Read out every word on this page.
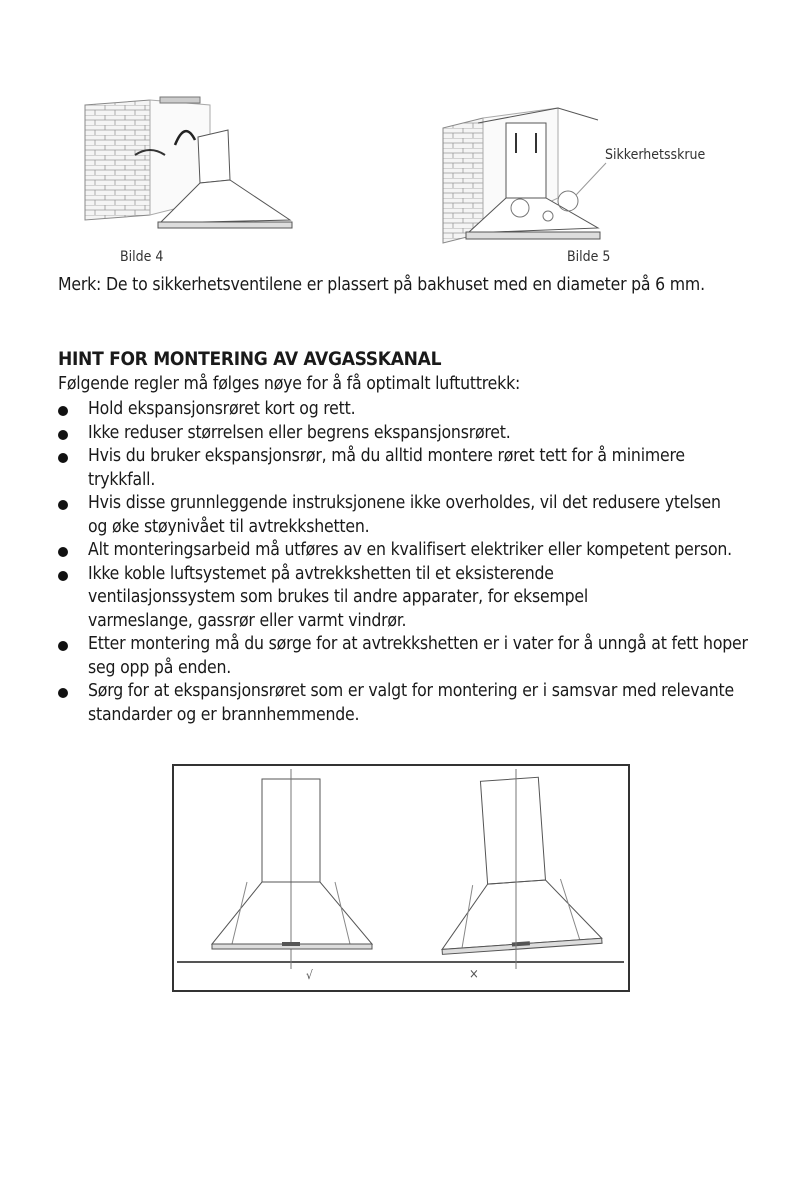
Bilde 4
Sikkerhetsskrue
Bilde 5
Merk: De to sikkerhetsventilene er plassert på bakhuset med en diameter på 6 mm.
HINT FOR MONTERING AV AVGASSKANAL
Følgende regler må følges nøye for å få optimalt luftuttrekk:
Hold ekspansjonsrøret kort og rett.
Ikke reduser størrelsen eller begrens ekspansjonsrøret.
Hvis du bruker ekspansjonsrør, må du alltid montere røret tett for å minimere trykkfall.
Hvis disse grunnleggende instruksjonene ikke overholdes, vil det redusere ytelsen og øke støynivået til avtrekkshetten.
Alt monteringsarbeid må utføres av en kvalifisert elektriker eller kompetent person.
Ikke koble luftsystemet på avtrekkshetten til et eksisterende ventilasjonssystem som brukes til andre apparater, for eksempel varmeslange, gassrør eller varmt vindrør.
Etter montering må du sørge for at avtrekkshetten er i vater for å unngå at fett hoper seg opp på enden.
Sørg for at ekspansjonsrøret som er valgt for montering er i samsvar med relevante standarder og er brannhemmende.
√	×
